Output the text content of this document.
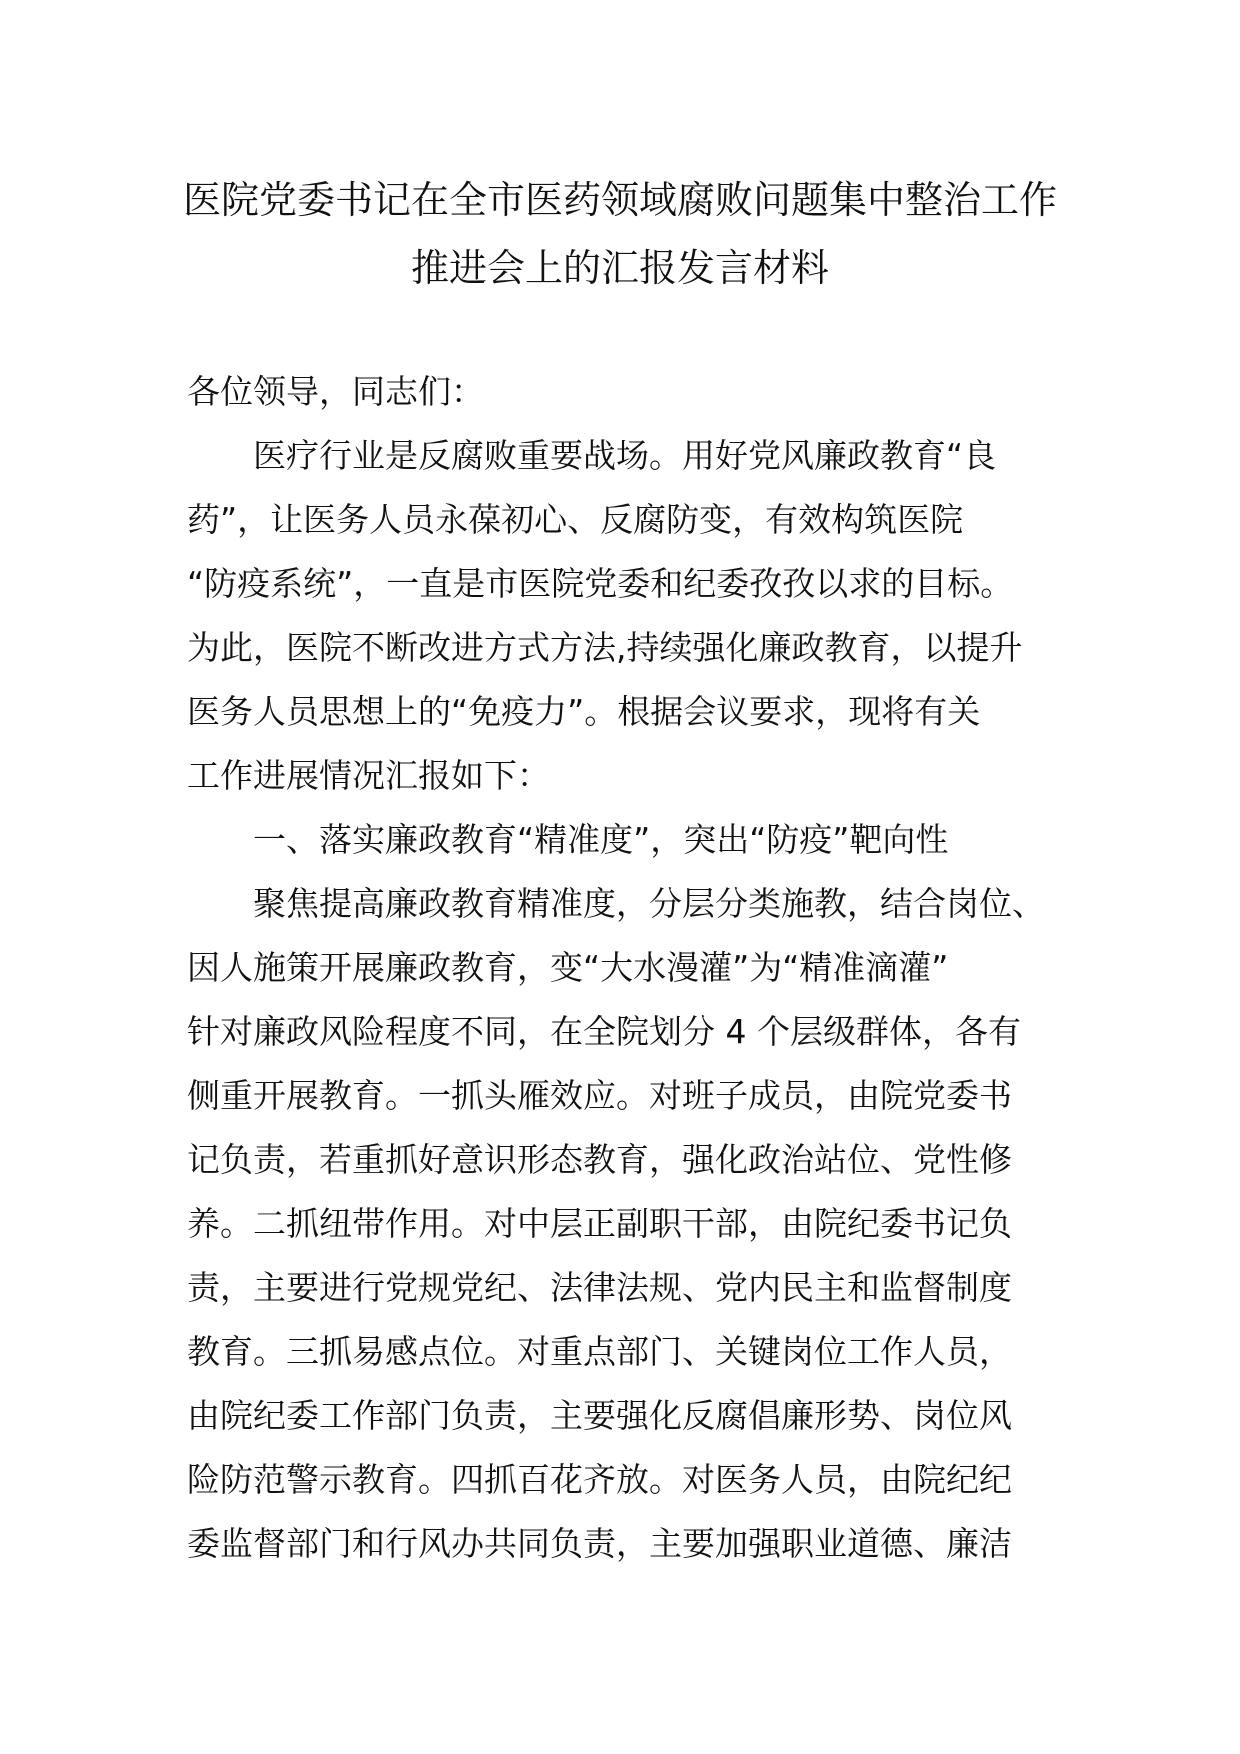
医院党委书记在全市医药领域腐败问题集中整治工作
推进会上的汇报发言材料
各位领导，同志们：
医疗行业是反腐败重要战场。用好党风廉政教育“良
药”，让医务人员永葆初心、反腐防变，有效构筑医院
“防疫系统”，一直是市医院党委和纪委孜孜以求的目标。
为此，医院不断改进方式方法,持续强化廉政教育，以提升
医务人员思想上的“免疫力”。根据会议要求，现将有关
工作进展情况汇报如下：
一、落实廉政教育“精准度”，突出“防疫”靶向性
聚焦提高廉政教育精准度，分层分类施教，结合岗位、
因人施策开展廉政教育，变“大水漫灌”为“精准滴灌”
针对廉政风险程度不同，在全院划分 4 个层级群体，各有
侧重开展教育。一抓头雁效应。对班子成员，由院党委书
记负责，若重抓好意识形态教育，强化政治站位、党性修
养。二抓纽带作用。对中层正副职干部，由院纪委书记负
责，主要进行党规党纪、法律法规、党内民主和监督制度
教育。三抓易感点位。对重点部门、关键岗位工作人员，
由院纪委工作部门负责，主要强化反腐倡廉形势、岗位风
险防范警示教育。四抓百花齐放。对医务人员，由院纪纪
委监督部门和行风办共同负责，主要加强职业道德、廉洁
